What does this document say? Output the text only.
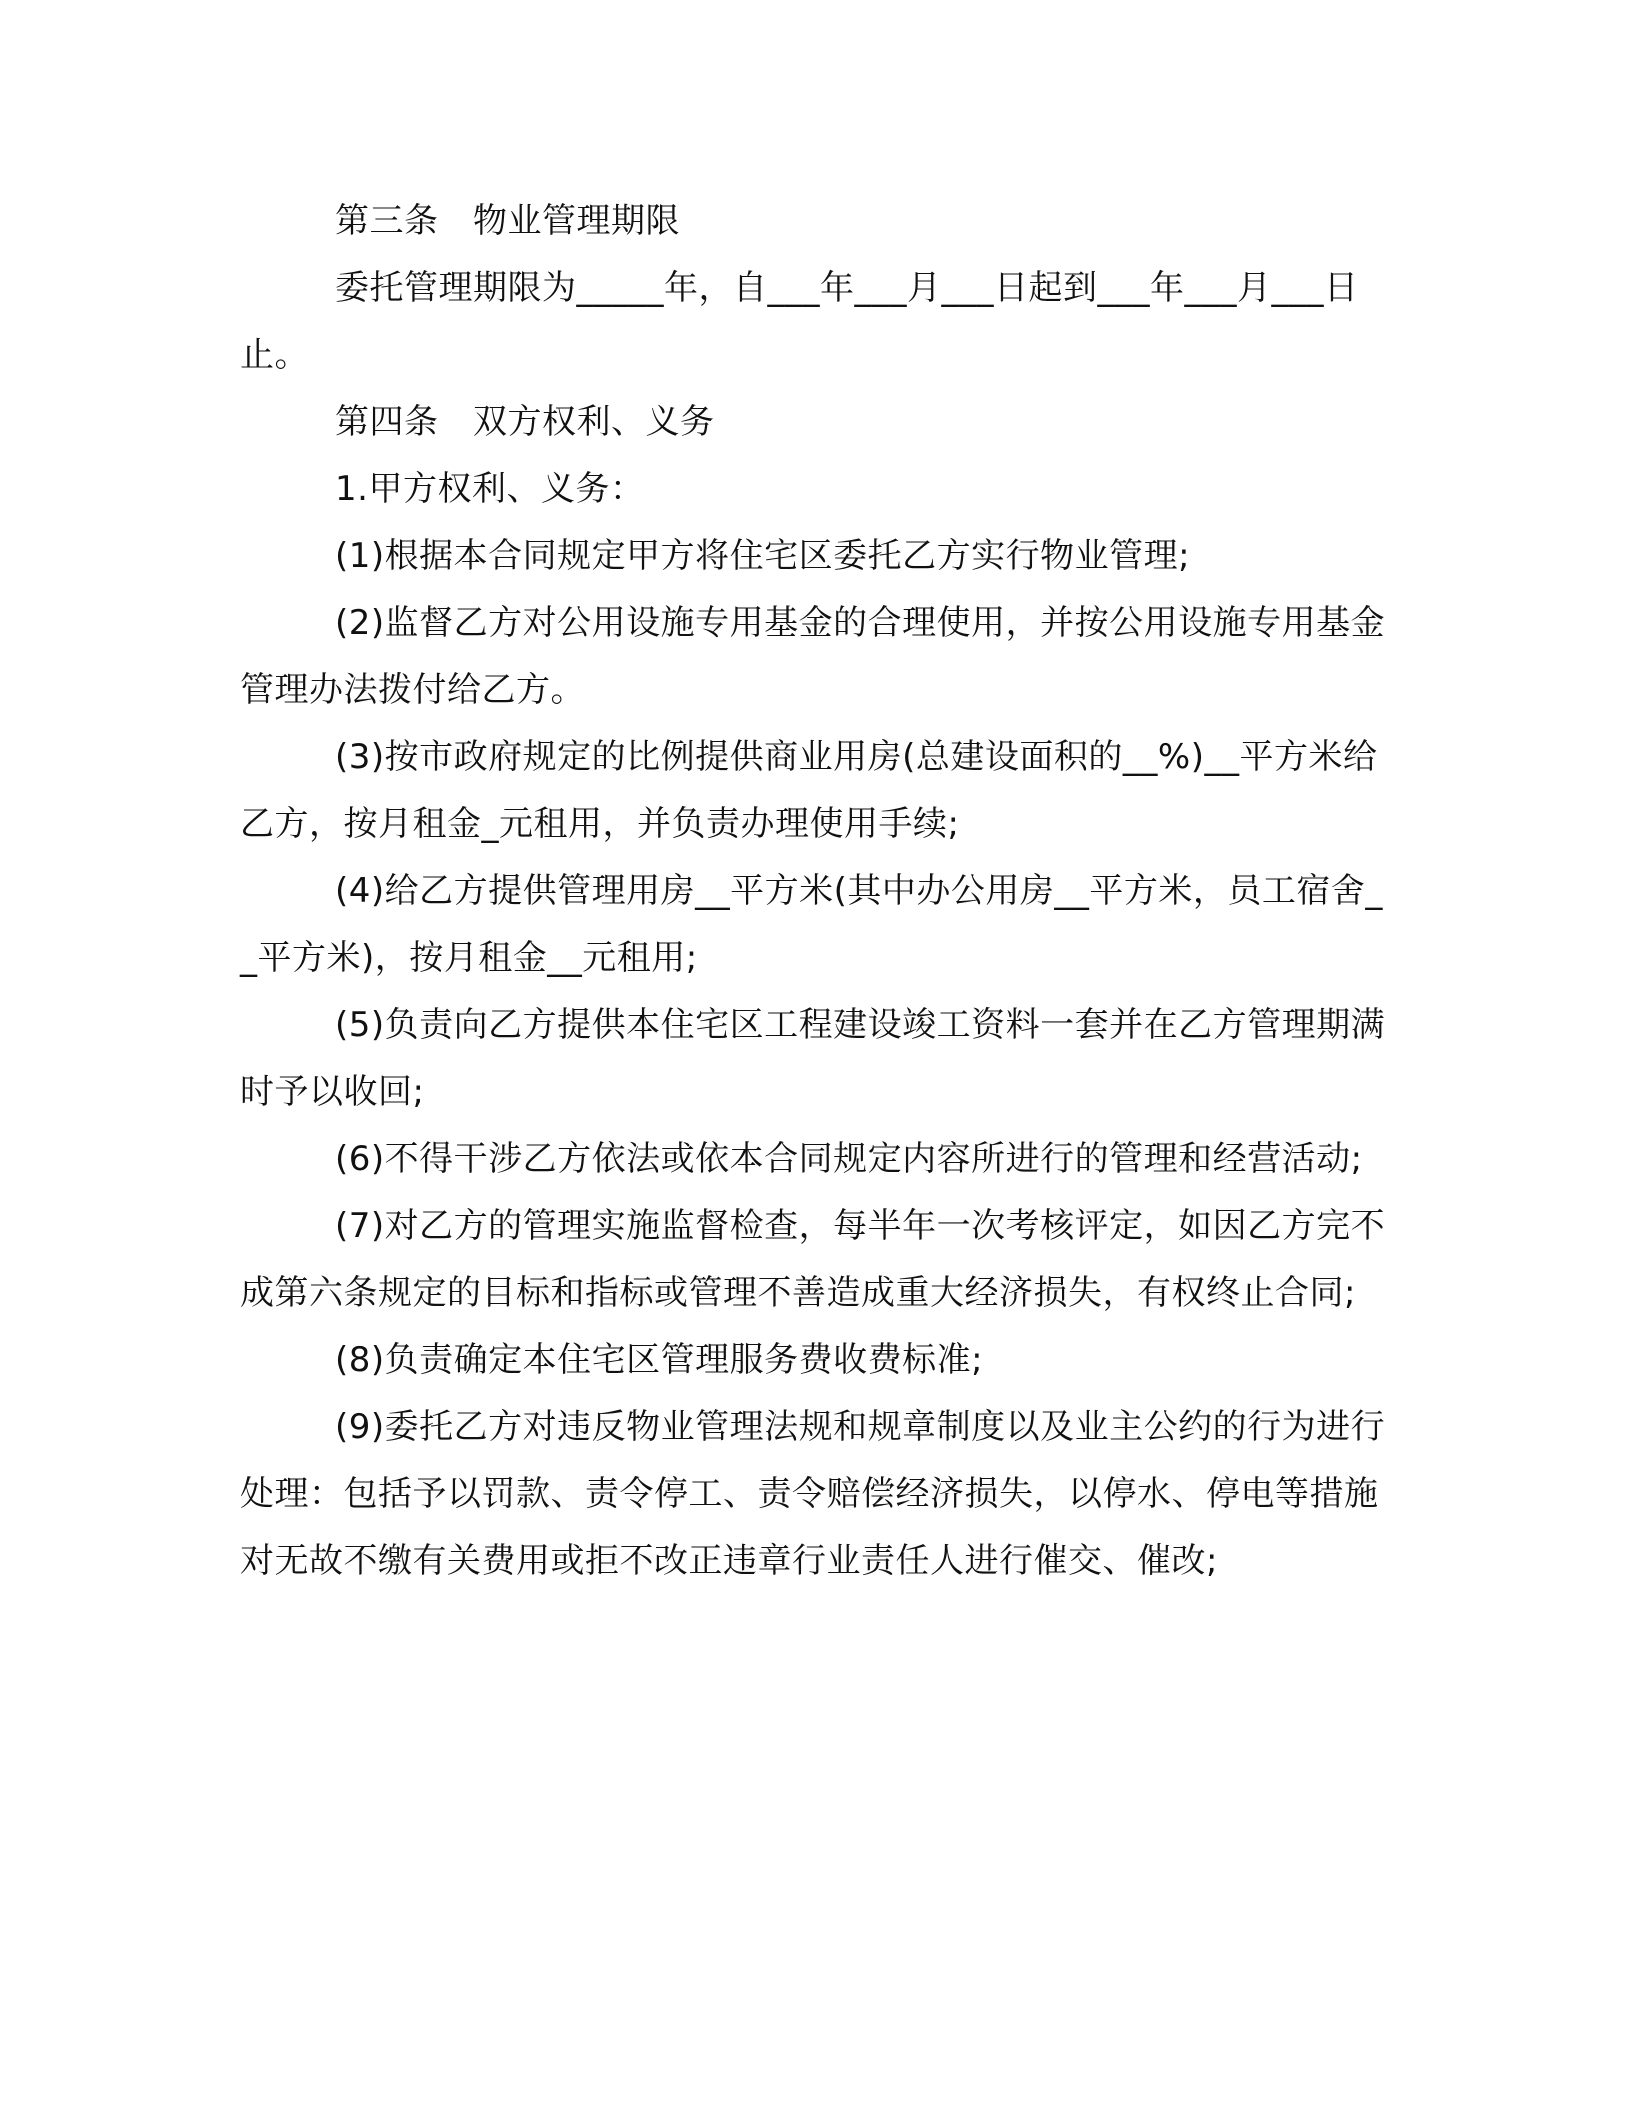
第三条　物业管理期限

委托管理期限为_____年，自___年___月___日起到___年___月___日止。

第四条　双方权利、义务

1.甲方权利、义务：

(1)根据本合同规定甲方将住宅区委托乙方实行物业管理;

(2)监督乙方对公用设施专用基金的合理使用，并按公用设施专用基金管理办法拨付给乙方。

(3)按市政府规定的比例提供商业用房(总建设面积的__%)__平方米给乙方，按月租金_元租用，并负责办理使用手续;

(4)给乙方提供管理用房__平方米(其中办公用房__平方米，员工宿舍__平方米)，按月租金__元租用;

(5)负责向乙方提供本住宅区工程建设竣工资料一套并在乙方管理期满时予以收回;

(6)不得干涉乙方依法或依本合同规定内容所进行的管理和经营活动;

(7)对乙方的管理实施监督检查，每半年一次考核评定，如因乙方完不成第六条规定的目标和指标或管理不善造成重大经济损失，有权终止合同;

(8)负责确定本住宅区管理服务费收费标准;

(9)委托乙方对违反物业管理法规和规章制度以及业主公约的行为进行处理：包括予以罚款、责令停工、责令赔偿经济损失，以停水、停电等措施对无故不缴有关费用或拒不改正违章行业责任人进行催交、催改;
